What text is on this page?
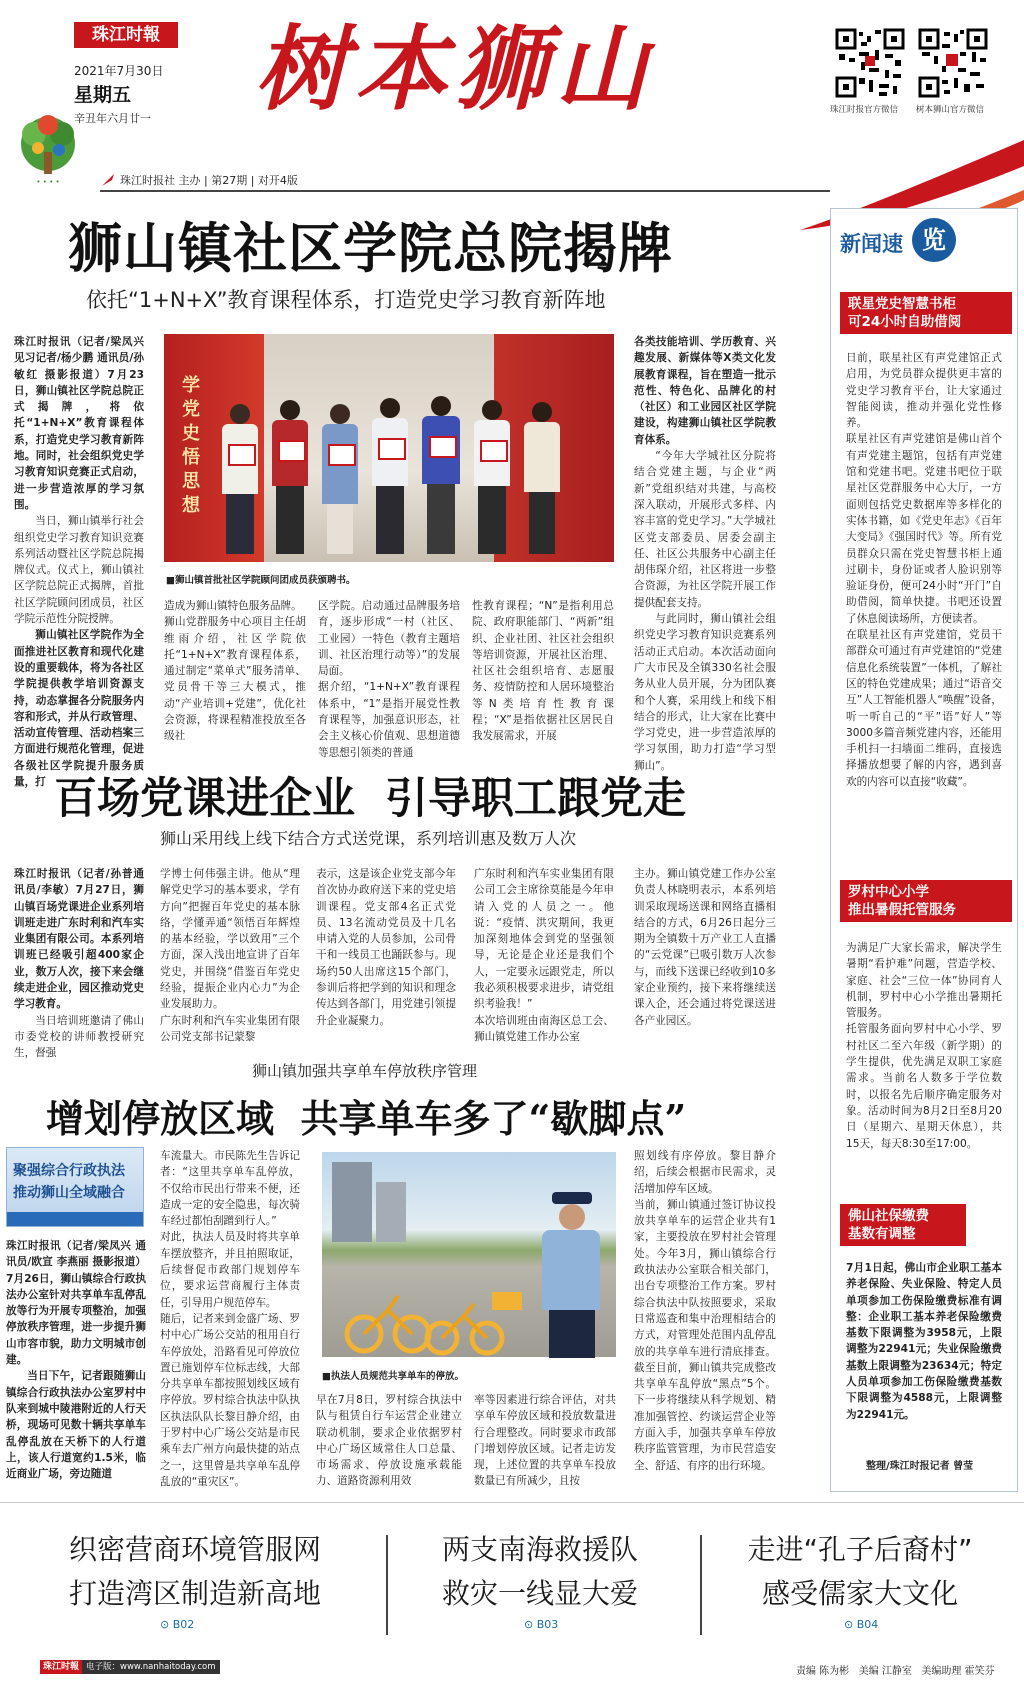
珠江时報
2021年7月30日
星期五
辛丑年六月廿一
• • • •
树本狮山	珠江时报官方微信 树本狮山官方微信
珠江时报社 主办 | 第27期 | 对开4版
狮山镇社区学院总院揭牌
依托“1+N+X”教育课程体系，打造党史学习教育新阵地

珠江时报讯（记者/梁凤兴 见习记者/杨少鹏 通讯员/孙敏红 摄影报道）7月23日，狮山镇社区学院总院正式揭牌，将依托“1+N+X”教育课程体系，打造党史学习教育新阵地。同时，社会组织党史学习教育知识竞赛正式启动，进一步营造浓厚的学习氛围。

当日，狮山镇举行社会组织党史学习教育知识竞赛系列活动暨社区学院总院揭牌仪式。仪式上，狮山镇社区学院总院正式揭牌，首批社区学院顾问团成员，社区学院示范性分院授牌。

狮山镇社区学院作为全面推进社区教育和现代化建设的重要载体，将为各社区学院提供教学培训资源支持，动态掌握各分院服务内容和形式，并从行政管理、活动宣传管理、活动档案三方面进行规范化管理，促进各级社区学院提升服务质量，打

学党史 悟思想
■狮山镇首批社区学院顾问团成员获颁聘书。
造成为狮山镇特色服务品牌。
狮山党群服务中心项目主任胡维雨介绍，社区学院依托“1+N+X”教育课程体系，通过制定“菜单式”服务清单、党员骨干等三大模式，推动“产业培训+党建”，优化社会资源，将课程精准投放至各级社
区学院。启动通过品牌服务培育，逐步形成“一村（社区、工业园）一特色（教育主题培训、社区治理行动等）”的发展局面。
据介绍，“1+N+X”教育课程体系中，“1”是指开展党性教育课程等，加强意识形态，社会主义核心价值观、思想道德等思想引领类的普通
性教育课程；“N”是指利用总院、政府职能部门、“两新”组织、企业社团、社区社会组织等培训资源，开展社区治理、社区社会组织培育、志愿服务、疫情防控和人居环境整治等N类培育性教育课程；“X”是指依据社区居民自我发展需求，开展

各类技能培训、学历教育、兴趣发展、新媒体等X类文化发展教育课程，旨在塑造一批示范性、特色化、品牌化的村（社区）和工业园区社区学院建设，构建狮山镇社区学院教育体系。

“今年大学城社区分院将结合党建主题，与企业“两新”党组织结对共建，与高校深入联动，开展形式多样、内容丰富的党史学习。”大学城社区党支部委员、居委会副主任、社区公共服务中心副主任胡伟琛介绍，社区将进一步整合资源，为社区学院开展工作提供配套支持。

与此同时，狮山镇社会组织党史学习教育知识竞赛系列活动正式启动。本次活动面向广大市民及全镇330名社会服务从业人员开展，分为团队赛和个人赛，采用线上和线下相结合的形式，让大家在比赛中学习党史，进一步营造浓厚的学习氛围，助力打造“学习型狮山”。

百场党课进企业  引导职工跟党走
狮山采用线上线下结合方式送党课，系列培训惠及数万人次

珠江时报讯（记者/孙普通讯员/李敏）7月27日，狮山镇百场党课进企业系列培训班走进广东时利和汽车实业集团有限公司。本系列培训班已经吸引超400家企业，数万人次，接下来会继续走进企业，园区推动党史学习教育。

当日培训班邀请了佛山市委党校的讲师教授研究生，督强

学博士何伟强主讲。他从“理解党史学习的基本要求，学有方向”把握百年党史的基本脉络，学懂弄通“领悟百年辉煌的基本经验，学以致用”三个方面，深入浅出地宣讲了百年党史，并围绕“借鉴百年党史经验，提振企业内心力”为企业发展助力。
广东时利和汽车实业集团有限公司党支部书记蒙黎
表示，这是该企业党支部今年首次协办政府送下来的党史培训课程。党支部4名正式党员、13名流动党员及十几名申请入党的人员参加，公司骨干和一线员工也踊跃参与。现场约50人出席这15个部门，参训后将把学到的知识和理念传达到各部门，用党建引领提升企业凝聚力。
广东时利和汽车实业集团有限公司工会主席徐莫能是今年申请入党的人员之一。他说：“疫情、洪灾期间，我更加深刻地体会到党的坚强领导，无论是企业还是我们个人，一定要永远跟党走，所以我必须积极要求进步，请党组织考验我！”
本次培训班由南海区总工会、狮山镇党建工作办公室
主办。狮山镇党建工作办公室负责人林晓明表示，本系列培训采取现场送课和网络直播相结合的方式，6月26日起分三期为全镇数十万产业工人直播的“云党课”已吸引数万人次参与，而线下送课已经收到10多家企业预约，接下来将继续送课入企，还会通过将党课送进各产业园区。
狮山镇加强共享单车停放秩序管理
增划停放区域  共享单车多了“歇脚点”
聚强综合行政执法
推动狮山全域融合

珠江时报讯（记者/梁凤兴 通讯员/欧宣 李燕丽 摄影报道）7月26日，狮山镇综合行政执法办公室针对共享单车乱停乱放等行为开展专项整治，加强停放秩序管理，进一步提升狮山市容市貌，助力文明城市创建。

当日下午，记者跟随狮山镇综合行政执法办公室罗村中队来到城中陵港附近的人行天桥，现场可见数十辆共享单车乱停乱放在天桥下的人行道上，该人行道宽约1.5米，临近商业广场，旁边随道

车流量大。市民陈先生告诉记者：“这里共享单车乱停放，不仅给市民出行带来不便，还造成一定的安全隐患，每次骑车经过都怕刮蹭到行人。”
对此，执法人员及时将共享单车摆放整齐，并且拍照取证，后续督促市政部门规划停车位，要求运营商履行主体责任，引导用户规范停车。
随后，记者来到金盛广场、罗村中心广场公交站的租用自行车停放处，沿路看见可停放位置已施划停车位标志线，大部分共享单车都按照划线区域有序停放。罗村综合执法中队执区执法队队长黎目静介绍，由于罗村中心广场公交站是市民乘车去广州方向最快捷的站点之一，这里曾是共享单车乱停乱放的“重灾区”。
■执法人员规范共享单车的停放。
早在7月8日，罗村综合执法中队与租赁自行车运营企业建立联动机制，要求企业依据罗村中心广场区域常住人口总量、市场需求、停放设施承载能力、道路资源利用效
率等因素进行综合评估，对共享单车停放区域和投放数量进行合理整改。同时要求市政部门增划停放区域。记者走访发现，上述位置的共享单车投放数量已有所减少，且按
照划线有序停放。黎目静介绍，后续会根据市民需求，灵活增加停车区域。
当前，狮山镇通过签订协议投放共享单车的运营企业共有1家，主要投放在罗村社会管理处。今年3月，狮山镇综合行政执法办公室联合相关部门，出台专项整治工作方案。罗村综合执法中队按照要求，采取日常巡查和集中治理相结合的方式，对管理处范围内乱停乱放的共享单车进行清底排查。截至目前，狮山镇共完成整改共享单车乱停放“黑点”5个。下一步将继续从科学规划、精准加强管控、约谈运营企业等方面入手，加强共享单车停放秩序监管管理，为市民营造安全、舒适、有序的出行环境。
新闻速 览
联星党史智慧书柜
可24小时自助借阅
日前，联星社区有声党建馆正式启用，为党员群众提供更丰富的党史学习教育平台，让大家通过智能阅读，推动并强化党性修养。
联星社区有声党建馆是佛山首个有声党建主题馆，包括有声党建馆和党建书吧。党建书吧位于联星社区党群服务中心大厅，一方面则包括党史数据库等多样化的实体书籍，如《党史年志》《百年大变局》《强国时代》等。所有党员群众只需在党史智慧书柜上通过刷卡，身份证或者人脸识别等验证身份，便可24小时“开门”自助借阅，简单快捷。书吧还设置了休息阅读场所，方便读者。
在联星社区有声党建馆，党员干部群众可通过有声党建馆的“党建信息化系统装置”一体机，了解社区的特色党建成果；通过“语音交互”人工智能机器人“唤醒”设备，听一听自己的“平”语”好人”等3000多篇音频党建内容，还能用手机扫一扫墙面二维码，直接选择播放想要了解的内容，遇到喜欢的内容可以直接“收藏”。
罗村中心小学
推出暑假托管服务
为满足广大家长需求，解决学生暑期“看护难”问题，营造学校、家庭、社会“三位一体”协同育人机制，罗村中心小学推出暑期托管服务。
托管服务面向罗村中心小学、罗村社区二至六年级（新学期）的学生提供，优先满足双职工家庭需求。当前名人数多于学位数时，以报名先后顺序确定服务对象。活动时间为8月2日至8月20日（星期六、星期天休息），共15天，每天8:30至17:00。
佛山社保缴费
基数有调整
7月1日起，佛山市企业职工基本养老保险、失业保险、特定人员单项参加工伤保险缴费标准有调整：企业职工基本养老保险缴费基数下限调整为3958元，上限调整为22941元；失业保险缴费基数上限调整为23634元；特定人员单项参加工伤保险缴费基数下限调整为4588元，上限调整为22941元。
整理/珠江时报记者 曾莹
织密营商环境管服网
打造湾区制造新高地
⊙ B02
两支南海救援队
救灾一线显大爱
⊙ B03
走进“孔子后裔村”
感受儒家大文化
⊙ B04
珠江时報 电子版：www.nanhaitoday.com	责编 陈为彬   美编 江静室   美编助理 霍笑芬
